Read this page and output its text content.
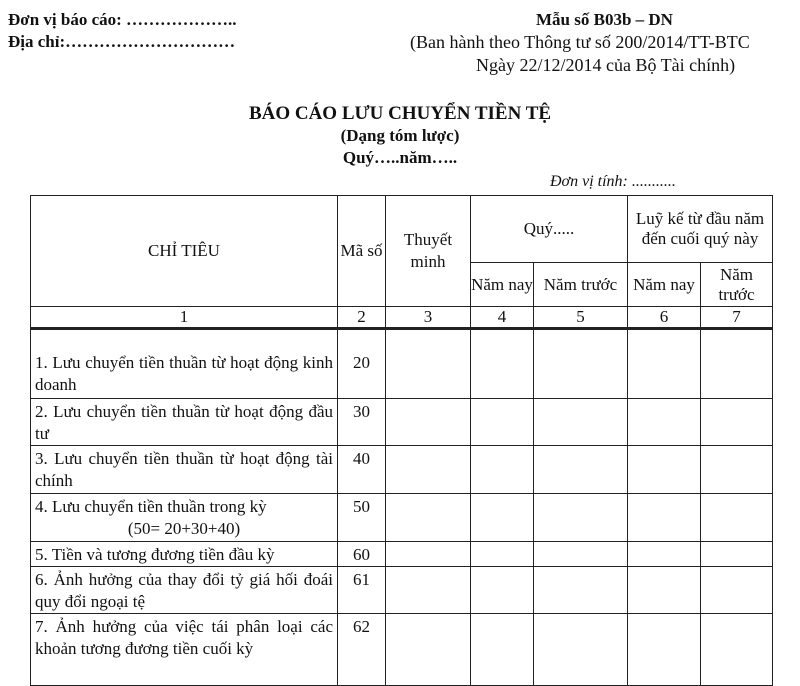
Đơn vị báo cáo: ………………..
Địa chỉ:…………………………
Mẫu số B03b – DN
(Ban hành theo Thông tư số 200/2014/TT-BTC
Ngày 22/12/2014 của Bộ Tài chính)
BÁO CÁO LƯU CHUYỂN TIỀN TỆ
(Dạng tóm lược)
Quý…..năm…..
Đơn vị tính: ...........
CHỈ TIÊU	Mã số	Thuyết minh	Quý.....		Luỹ kế từ đầu năm đến cuối quý này	
			Năm nay	Năm trước	Năm nay	Năm trước
1	2	3	4	5	6	7
1. Lưu chuyển tiền thuần từ hoạt động kinh doanh	20					
2. Lưu chuyển tiền thuần từ hoạt động đầu tư	30					
3. Lưu chuyển tiền thuần từ hoạt động tài chính	40					

4. Lưu chuyển tiền thuần trong kỳ
(50= 20+30+40)	50					
5. Tiền và tương đương tiền đầu kỳ	60					
6. Ảnh hưởng của thay đổi tỷ giá hối đoái quy đổi ngoại tệ	61					
7. Ảnh hưởng của việc tái phân loại các khoản tương đương tiền cuối kỳ	62					
